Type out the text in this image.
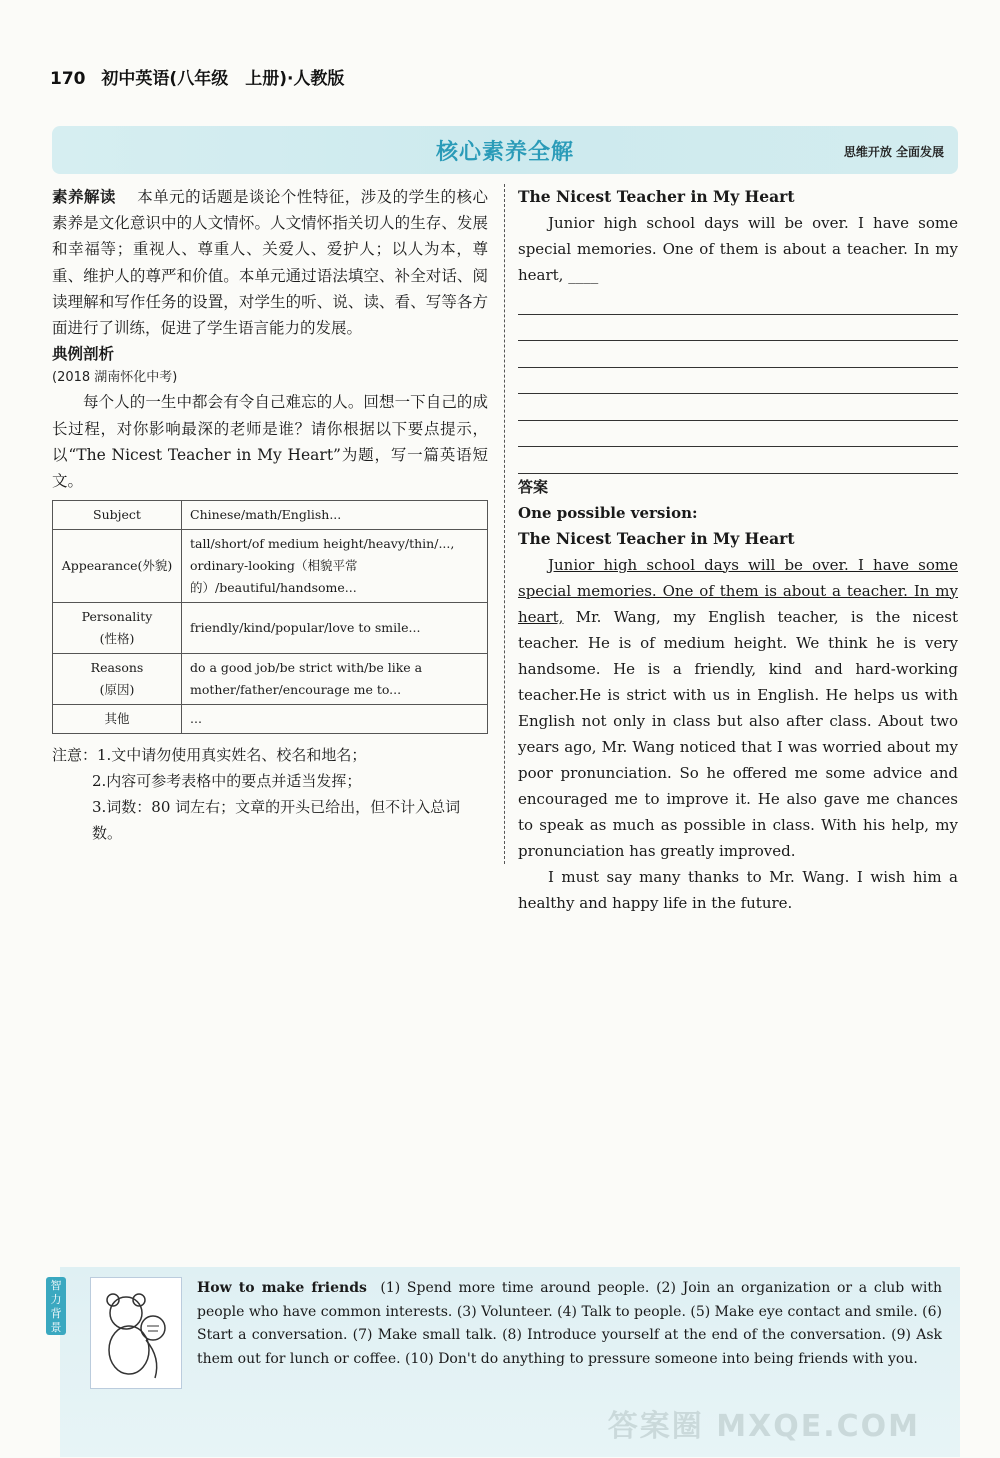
170 初中英语(八年级　上册)·人教版
核心素养全解	思维开放 全面发展

素养解读　 本单元的话题是谈论个性特征，涉及的学生的核心素养是文化意识中的人文情怀。人文情怀指关切人的生存、发展和幸福等；重视人、尊重人、关爱人、爱护人；以人为本，尊重、维护人的尊严和价值。本单元通过语法填空、补全对话、阅读理解和写作任务的设置，对学生的听、说、读、看、写等各方面进行了训练，促进了学生语言能力的发展。

典例剖析

(2018 湖南怀化中考)

每个人的一生中都会有令自己难忘的人。回想一下自己的成长过程，对你影响最深的老师是谁？请你根据以下要点提示，以“The Nicest Teacher in My Heart”为题，写一篇英语短文。

Subject	Chinese/math/English...
Appearance(外貌)	tall/short/of medium height/heavy/thin/..., ordinary-looking（相貌平常的）/beautiful/handsome...
Personality
(性格)	friendly/kind/popular/love to smile...
Reasons
(原因)	do a good job/be strict with/be like a mother/father/encourage me to...
其他	...
注意：1.文中请勿使用真实姓名、校名和地名；
2.内容可参考表格中的要点并适当发挥；
3.词数：80 词左右；文章的开头已给出，但不计入总词数。

The Nicest Teacher in My Heart

Junior high school days will be over. I have some special memories. One of them is about a teacher. In my heart, ____

答案

One possible version:

The Nicest Teacher in My Heart

Junior high school days will be over. I have some special memories. One of them is about a teacher. In my heart, Mr. Wang, my English teacher, is the nicest teacher. He is of medium height. We think he is very handsome. He is a friendly, kind and hard-working teacher.He is strict with us in English. He helps us with English not only in class but also after class. About two years ago, Mr. Wang noticed that I was worried about my poor pronunciation. So he offered me some advice and encouraged me to improve it. He also gave me chances to speak as much as possible in class. With his help, my pronunciation has greatly improved.

I must say many thanks to Mr. Wang. I wish him a healthy and happy life in the future.

智力背景
How to make friends (1) Spend more time around people. (2) Join an organization or a club with people who have common interests. (3) Volunteer. (4) Talk to people. (5) Make eye contact and smile. (6) Start a conversation. (7) Make small talk. (8) Introduce yourself at the end of the conversation. (9) Ask them out for lunch or coffee. (10) Don't do anything to pressure someone into being friends with you.
答案圈 MXQE.COM
